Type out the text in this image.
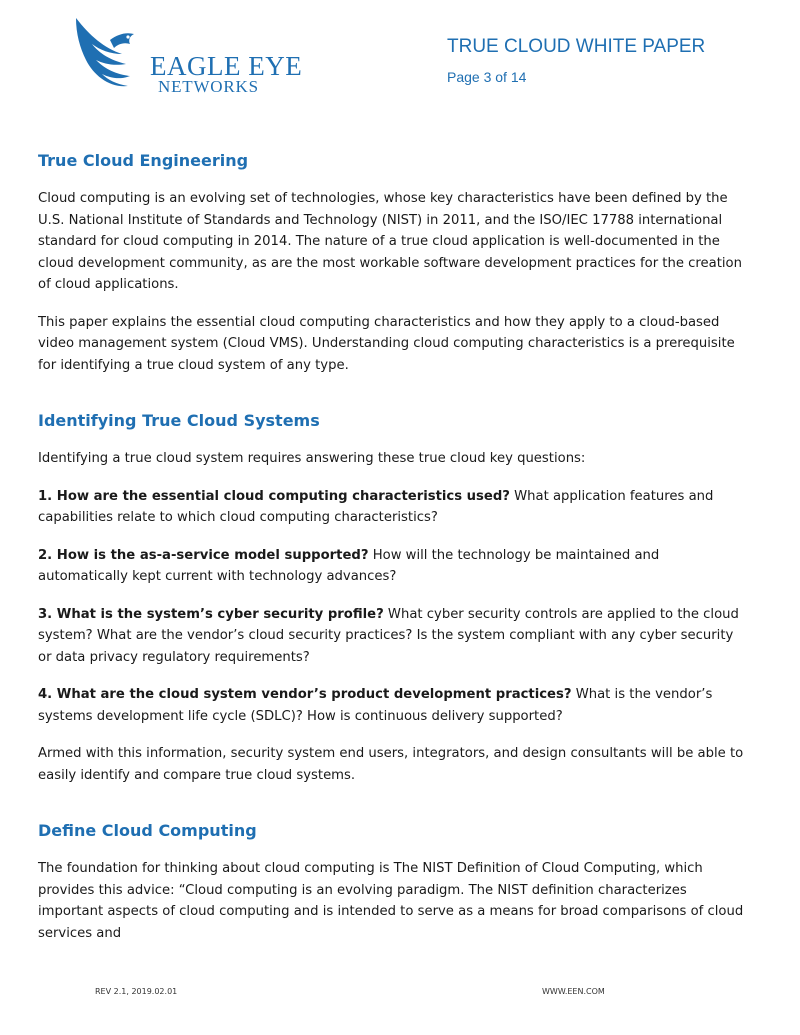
EAGLE EYE
NETWORKS
TRUE CLOUD WHITE PAPER
Page 3 of 14
True Cloud Engineering

Cloud computing is an evolving set of technologies, whose key characteristics have been defined by the U.S. National Institute of Standards and Technology (NIST) in 2011, and the ISO/IEC 17788 international standard for cloud computing in 2014. The nature of a true cloud application is well-documented in the cloud development community, as are the most workable software development practices for the creation of cloud applications.

This paper explains the essential cloud computing characteristics and how they apply to a cloud-based video management system (Cloud VMS). Understanding cloud computing characteristics is a prerequisite for identifying a true cloud system of any type.

Identifying True Cloud Systems

Identifying a true cloud system requires answering these true cloud key questions:

1. How are the essential cloud computing characteristics used? What application features and capabilities relate to which cloud computing characteristics?

2. How is the as-a-service model supported? How will the technology be maintained and automatically kept current with technology advances?

3. What is the system’s cyber security profile? What cyber security controls are applied to the cloud system? What are the vendor’s cloud security practices? Is the system compliant with any cyber security or data privacy regulatory requirements?

4. What are the cloud system vendor’s product development practices? What is the vendor’s systems development life cycle (SDLC)? How is continuous delivery supported?

Armed with this information, security system end users, integrators, and design consultants will be able to easily identify and compare true cloud systems.

Define Cloud Computing

The foundation for thinking about cloud computing is The NIST Definition of Cloud Computing, which provides this advice: “Cloud computing is an evolving paradigm. The NIST definition characterizes important aspects of cloud computing and is intended to serve as a means for broad comparisons of cloud services and

REV 2.1, 2019.02.01	WWW.EEN.COM
